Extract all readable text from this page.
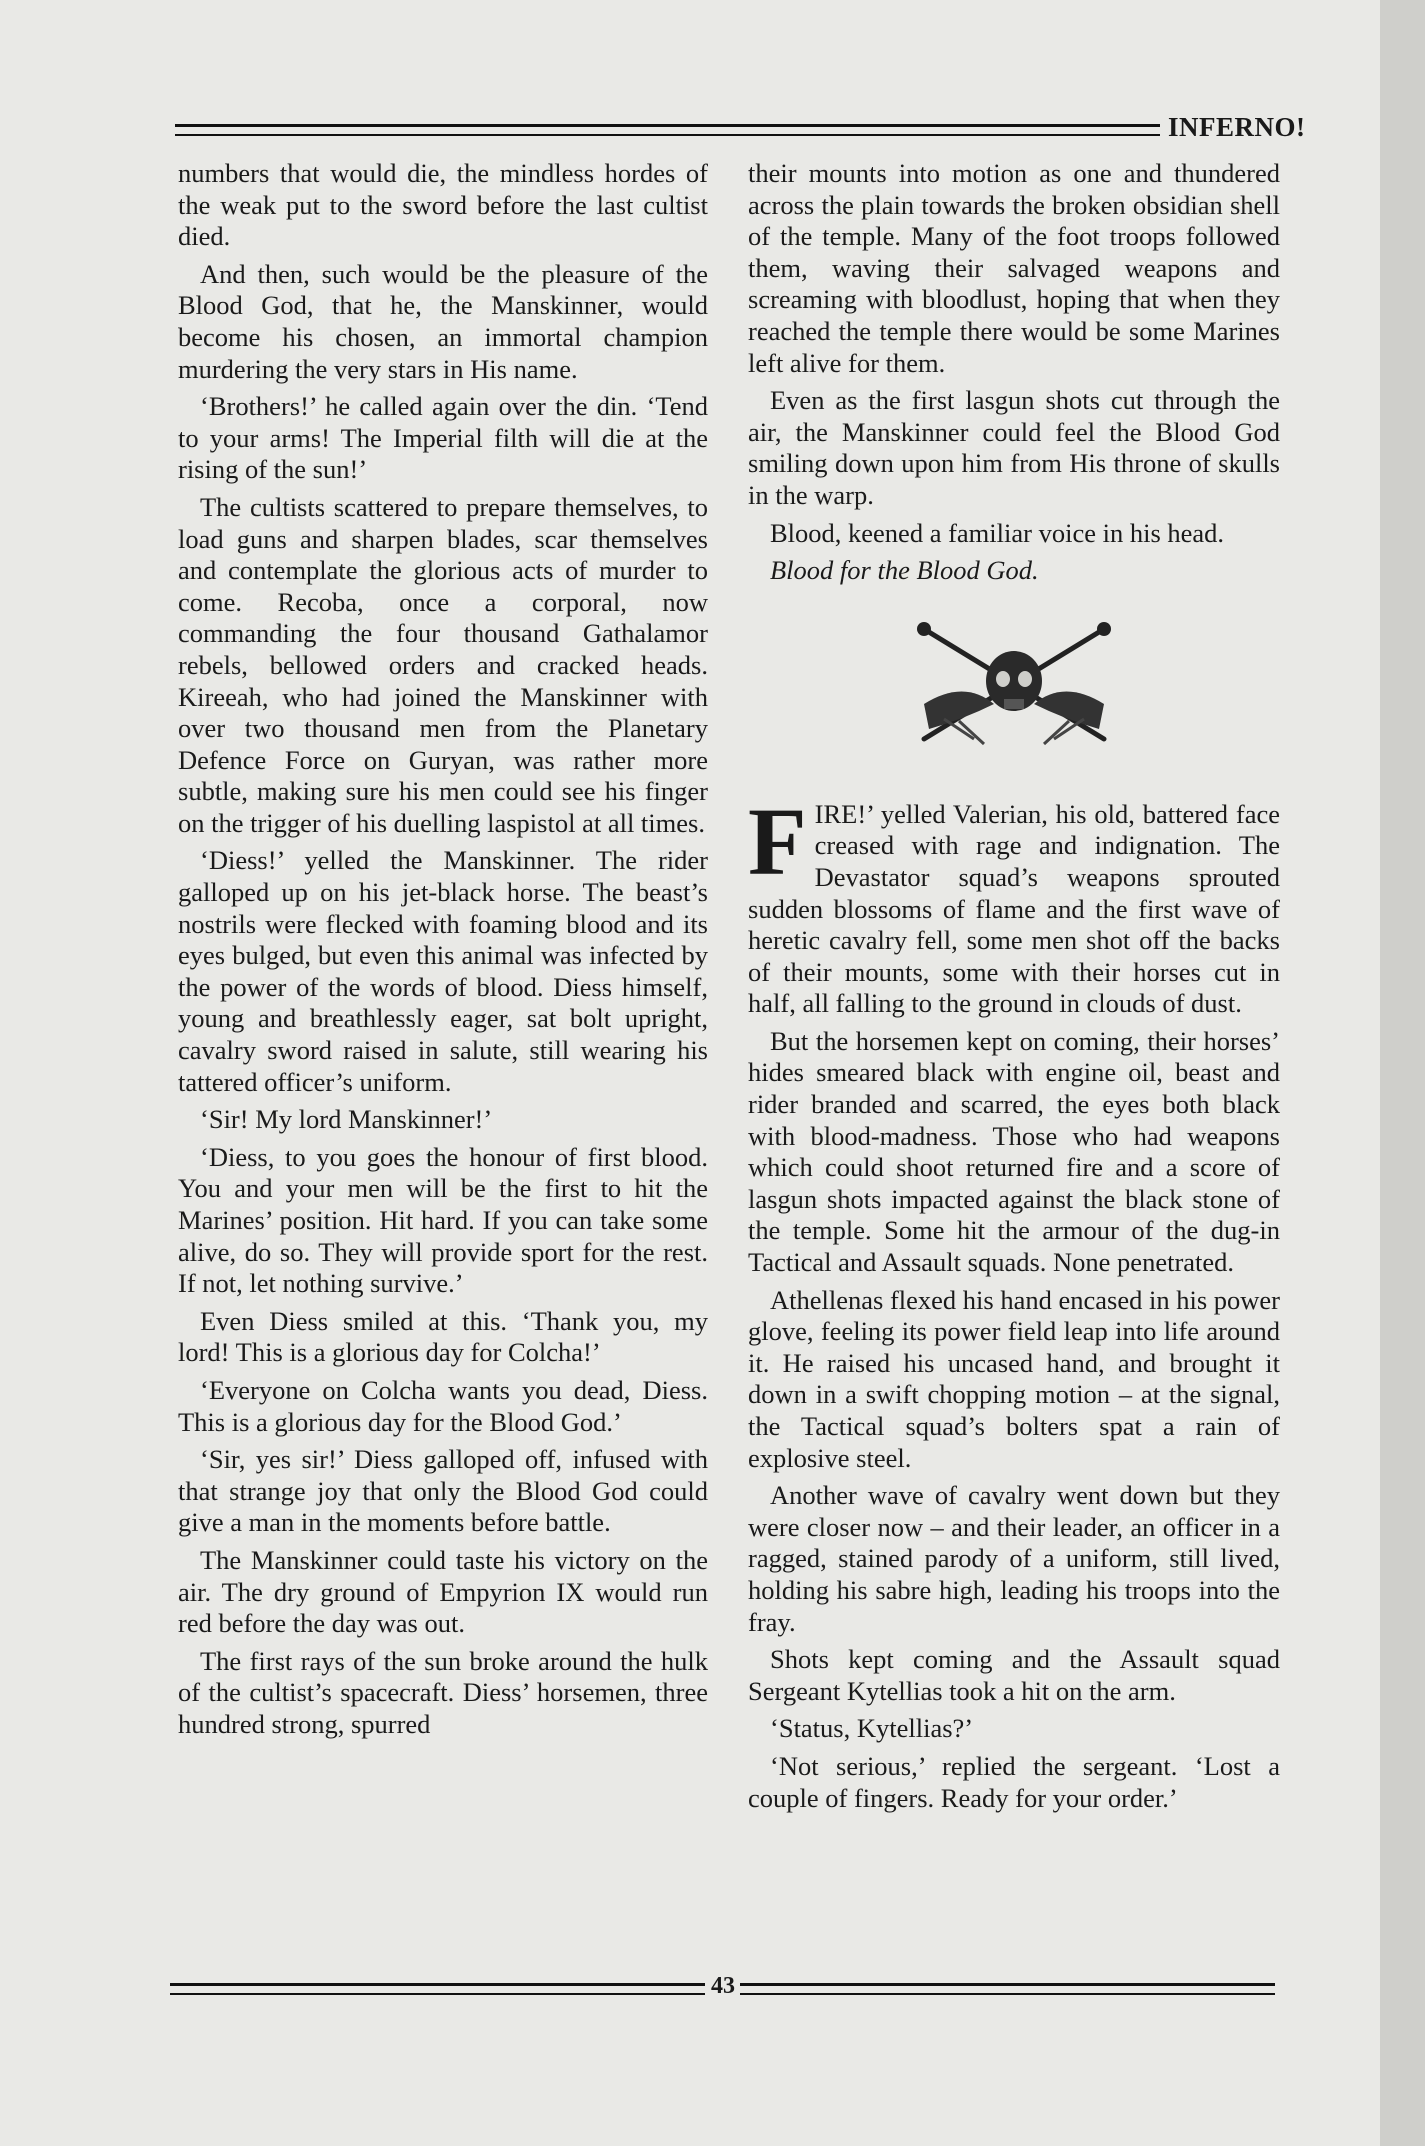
INFERNO!

numbers that would die, the mindless hordes of the weak put to the sword before the last cultist died.

And then, such would be the pleasure of the Blood God, that he, the Manskinner, would become his chosen, an immortal champion murdering the very stars in His name.

‘Brothers!’ he called again over the din. ‘Tend to your arms! The Imperial filth will die at the rising of the sun!’

The cultists scattered to prepare themselves, to load guns and sharpen blades, scar themselves and contemplate the glorious acts of murder to come. Recoba, once a corporal, now commanding the four thousand Gathalamor rebels, bellowed orders and cracked heads. Kireeah, who had joined the Manskinner with over two thousand men from the Planetary Defence Force on Guryan, was rather more subtle, making sure his men could see his finger on the trigger of his duelling laspistol at all times.

‘Diess!’ yelled the Manskinner. The rider galloped up on his jet-black horse. The beast’s nostrils were flecked with foaming blood and its eyes bulged, but even this animal was infected by the power of the words of blood. Diess himself, young and breathlessly eager, sat bolt upright, cavalry sword raised in salute, still wearing his tattered officer’s uniform.

‘Sir! My lord Manskinner!’

‘Diess, to you goes the honour of first blood. You and your men will be the first to hit the Marines’ position. Hit hard. If you can take some alive, do so. They will provide sport for the rest. If not, let nothing survive.’

Even Diess smiled at this. ‘Thank you, my lord! This is a glorious day for Colcha!’

‘Everyone on Colcha wants you dead, Diess. This is a glorious day for the Blood God.’

‘Sir, yes sir!’ Diess galloped off, infused with that strange joy that only the Blood God could give a man in the moments before battle.

The Manskinner could taste his victory on the air. The dry ground of Empyrion IX would run red before the day was out.

The first rays of the sun broke around the hulk of the cultist’s spacecraft. Diess’ horsemen, three hundred strong, spurred

their mounts into motion as one and thundered across the plain towards the broken obsidian shell of the temple. Many of the foot troops followed them, waving their salvaged weapons and screaming with bloodlust, hoping that when they reached the temple there would be some Marines left alive for them.

Even as the first lasgun shots cut through the air, the Manskinner could feel the Blood God smiling down upon him from His throne of skulls in the warp.

Blood, keened a familiar voice in his head.

Blood for the Blood God.

FIRE!’ yelled Valerian, his old, battered face creased with rage and indignation. The Devastator squad’s weapons sprouted sudden blossoms of flame and the first wave of heretic cavalry fell, some men shot off the backs of their mounts, some with their horses cut in half, all falling to the ground in clouds of dust.

But the horsemen kept on coming, their horses’ hides smeared black with engine oil, beast and rider branded and scarred, the eyes both black with blood-madness. Those who had weapons which could shoot returned fire and a score of lasgun shots impacted against the black stone of the temple. Some hit the armour of the dug-in Tactical and Assault squads. None penetrated.

Athellenas flexed his hand encased in his power glove, feeling its power field leap into life around it. He raised his uncased hand, and brought it down in a swift chopping motion – at the signal, the Tactical squad’s bolters spat a rain of explosive steel.

Another wave of cavalry went down but they were closer now – and their leader, an officer in a ragged, stained parody of a uniform, still lived, holding his sabre high, leading his troops into the fray.

Shots kept coming and the Assault squad Sergeant Kytellias took a hit on the arm.

‘Status, Kytellias?’

‘Not serious,’ replied the sergeant. ‘Lost a couple of fingers. Ready for your order.’

43
